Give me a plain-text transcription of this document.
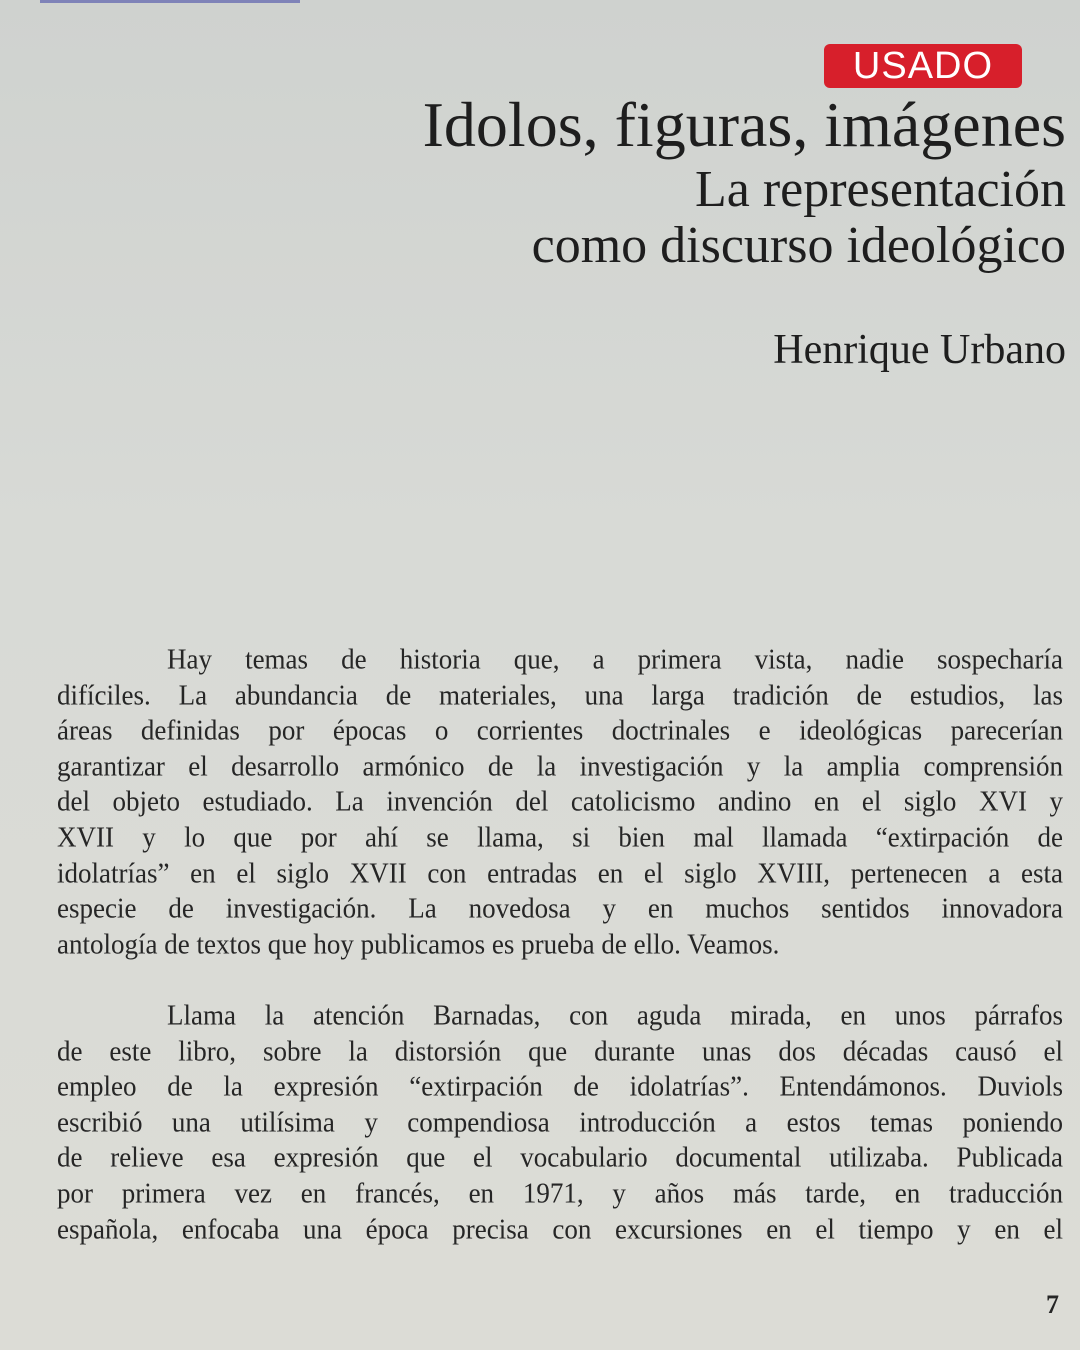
USADO
Idolos, figuras, imágenes
La representación
como discurso ideológico
Henrique Urbano
Hay temas de historia que, a primera vista, nadie sospecharía
difíciles. La abundancia de materiales, una larga tradición de estudios, las
áreas definidas por épocas o corrientes doctrinales e ideológicas parecerían
garantizar el desarrollo armónico de la investigación y la amplia comprensión
del objeto estudiado. La invención del catolicismo andino en el siglo XVI y
XVII y lo que por ahí se llama, si bien mal llamada “extirpación de
idolatrías” en el siglo XVII con entradas en el siglo XVIII, pertenecen a esta
especie de investigación. La novedosa y en muchos sentidos innovadora
antología de textos que hoy publicamos es prueba de ello. Veamos.
Llama la atención Barnadas, con aguda mirada, en unos párrafos
de este libro, sobre la distorsión que durante unas dos décadas causó el
empleo de la expresión “extirpación de idolatrías”. Entendámonos. Duviols
escribió una utilísima y compendiosa introducción a estos temas poniendo
de relieve esa expresión que el vocabulario documental utilizaba. Publicada
por primera vez en francés, en 1971, y años más tarde, en traducción
española, enfocaba una época precisa con excursiones en el tiempo y en el
7
